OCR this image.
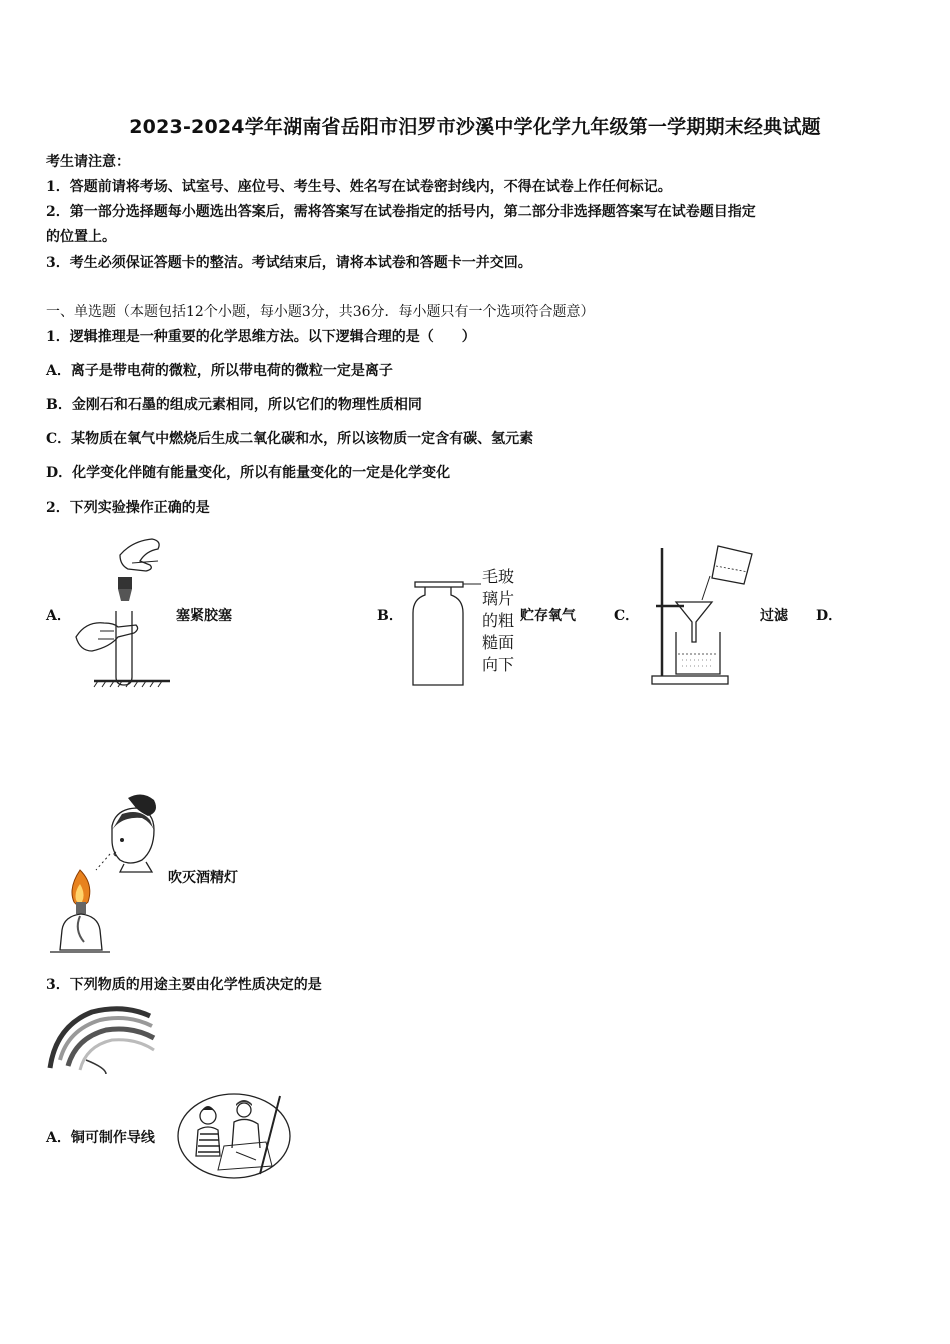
2023-2024学年湖南省岳阳市汨罗市沙溪中学化学九年级第一学期期末经典试题
考生请注意：
1．答题前请将考场、试室号、座位号、考生号、姓名写在试卷密封线内，不得在试卷上作任何标记。
2．第一部分选择题每小题选出答案后，需将答案写在试卷指定的括号内，第二部分非选择题答案写在试卷题目指定
的位置上。
3．考生必须保证答题卡的整洁。考试结束后，请将本试卷和答题卡一并交回。
一、单选题（本题包括12个小题，每小题3分，共36分．每小题只有一个选项符合题意）
1．逻辑推理是一种重要的化学思维方法。以下逻辑合理的是（　　）
A．离子是带电荷的微粒，所以带电荷的微粒一定是离子
B．金刚石和石墨的组成元素相同，所以它们的物理性质相同
C．某物质在氧气中燃烧后生成二氧化碳和水，所以该物质一定含有碳、氢元素
D．化学变化伴随有能量变化，所以有能量变化的一定是化学变化
2．下列实验操作正确的是
A．	塞紧胶塞	B．
毛玻
璃片
的粗
糙面
向下
贮存氧气	C．	过滤 D．
吹灭酒精灯
3．下列物质的用途主要由化学性质决定的是
A．铜可制作导线
